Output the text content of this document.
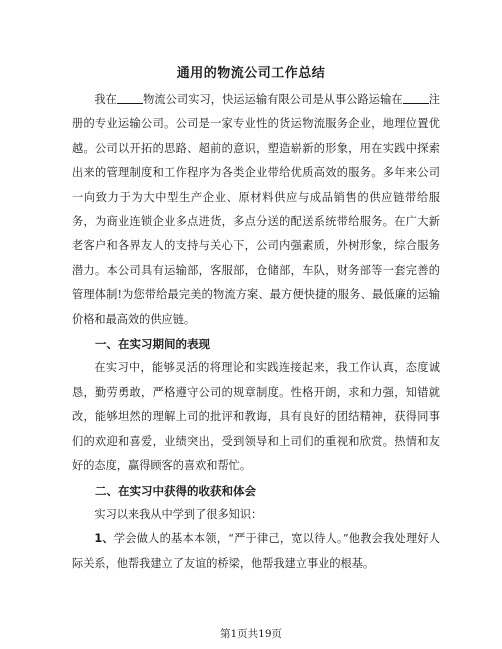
通用的物流公司工作总结

我在 物流公司实习，快运运输有限公司是从事公路运输在 注册的专业运输公司。公司是一家专业性的货运物流服务企业，地理位置优越。公司以开拓的思路、超前的意识，塑造崭新的形象，用在实践中探索出来的管理制度和工作程序为各类企业带给优质高效的服务。多年来公司一向致力于为大中型生产企业、原材料供应与成品销售的供应链带给服务，为商业连锁企业多点进货，多点分送的配送系统带给服务。在广大新老客户和各界友人的支持与关心下，公司内强素质，外树形象，综合服务潜力。本公司具有运输部，客服部，仓储部，车队，财务部等一套完善的管理体制!为您带给最完美的物流方案、最方便快捷的服务、最低廉的运输价格和最高效的供应链。

一、在实习期间的表现

在实习中，能够灵活的将理论和实践连接起来，我工作认真，态度诚恳，勤劳勇敢，严格遵守公司的规章制度。性格开朗，求和力强，知错就改，能够坦然的理解上司的批评和教诲，具有良好的团结精神，获得同事们的欢迎和喜爱，业绩突出，受到领导和上司们的重视和欣赏。热情和友好的态度，赢得顾客的喜欢和帮忙。

二、在实习中获得的收获和体会

实习以来我从中学到了很多知识：

1、学会做人的基本本领，“严于律己，宽以待人。”他教会我处理好人际关系，他帮我建立了友谊的桥梁，他帮我建立事业的根基。

第1页共19页
